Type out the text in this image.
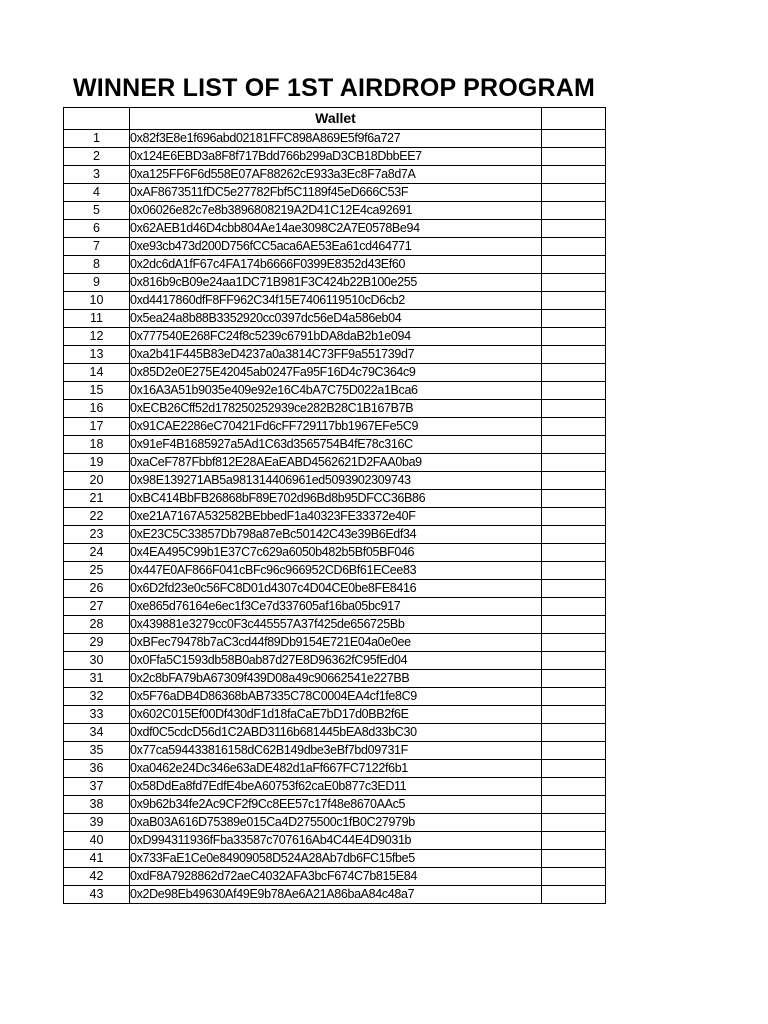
WINNER LIST OF 1ST AIRDROP PROGRAM
	Wallet	
1	0x82f3E8e1f696abd02181FFC898A869E5f9f6a727	
2	0x124E6EBD3a8F8f717Bdd766b299aD3CB18DbbEE7	
3	0xa125FF6F6d558E07AF88262cE933a3Ec8F7a8d7A	
4	0xAF8673511fDC5e27782Fbf5C1189f45eD666C53F	
5	0x06026e82c7e8b3896808219A2D41C12E4ca92691	
6	0x62AEB1d46D4cbb804Ae14ae3098C2A7E0578Be94	
7	0xe93cb473d200D756fCC5aca6AE53Ea61cd464771	
8	0x2dc6dA1fF67c4FA174b6666F0399E8352d43Ef60	
9	0x816b9cB09e24aa1DC71B981F3C424b22B100e255	
10	0xd4417860dfF8FF962C34f15E7406119510cD6cb2	
11	0x5ea24a8b88B3352920cc0397dc56eD4a586eb04	
12	0x777540E268FC24f8c5239c6791bDA8daB2b1e094	
13	0xa2b41F445B83eD4237a0a3814C73FF9a551739d7	
14	0x85D2e0E275E42045ab0247Fa95F16D4c79C364c9	
15	0x16A3A51b9035e409e92e16C4bA7C75D022a1Bca6	
16	0xECB26Cff52d178250252939ce282B28C1B167B7B	
17	0x91CAE2286eC70421Fd6cFF729117bb1967EFe5C9	
18	0x91eF4B1685927a5Ad1C63d3565754B4fE78c316C	
19	0xaCeF787Fbbf812E28AEaEABD4562621D2FAA0ba9	
20	0x98E139271AB5a981314406961ed5093902309743	
21	0xBC414BbFB26868bF89E702d96Bd8b95DFCC36B86	
22	0xe21A7167A532582BEbbedF1a40323FE33372e40F	
23	0xE23C5C33857Db798a87eBc50142C43e39B6Edf34	
24	0x4EA495C99b1E37C7c629a6050b482b5Bf05BF046	
25	0x447E0AF866F041cBFc96c966952CD6Bf61ECee83	
26	0x6D2fd23e0c56FC8D01d4307c4D04CE0be8FE8416	
27	0xe865d76164e6ec1f3Ce7d337605af16ba05bc917	
28	0x439881e3279cc0F3c445557A37f425de656725Bb	
29	0xBFec79478b7aC3cd44f89Db9154E721E04a0e0ee	
30	0x0Ffa5C1593db58B0ab87d27E8D96362fC95fEd04	
31	0x2c8bFA79bA67309f439D08a49c90662541e227BB	
32	0x5F76aDB4D86368bAB7335C78C0004EA4cf1fe8C9	
33	0x602C015Ef00Df430dF1d18faCaE7bD17d0BB2f6E	
34	0xdf0C5cdcD56d1C2ABD3116b681445bEA8d33bC30	
35	0x77ca594433816158dC62B149dbe3eBf7bd09731F	
36	0xa0462e24Dc346e63aDE482d1aFf667FC7122f6b1	
37	0x58DdEa8fd7EdfE4beA60753f62caE0b877c3ED11	
38	0x9b62b34fe2Ac9CF2f9Cc8EE57c17f48e8670AAc5	
39	0xaB03A616D75389e015Ca4D275500c1fB0C27979b	
40	0xD994311936fFba33587c707616Ab4C44E4D9031b	
41	0x733FaE1Ce0e84909058D524A28Ab7db6FC15fbe5	
42	0xdF8A7928862d72aeC4032AFA3bcF674C7b815E84	
43	0x2De98Eb49630Af49E9b78Ae6A21A86baA84c48a7	
